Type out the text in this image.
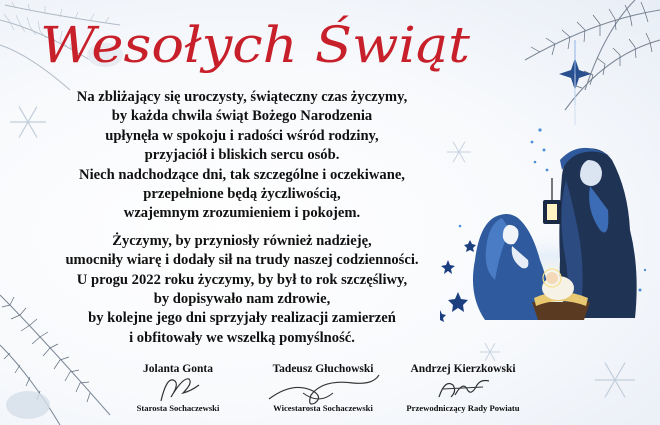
Wesołych Świąt

Na zbliżający się uroczysty, świąteczny czas życzymy,
by każda chwila świąt Bożego Narodzenia
upłynęła w spokoju i radości wśród rodziny,
przyjaciół i bliskich sercu osób.
Niech nadchodzące dni, tak szczególne i oczekiwane,
przepełnione będą życzliwością,
wzajemnym zrozumieniem i pokojem.

Życzymy, by przyniosły również nadzieję,
umocniły wiarę i dodały sił na trudy naszej codzienności.
U progu 2022 roku życzymy, by był to rok szczęśliwy,
by dopisywało nam zdrowie,
by kolejne jego dni sprzyjały realizacji zamierzeń
i obfitowały we wszelką pomyślność.

Jolanta Gonta
Starosta Sochaczewski
Tadeusz Głuchowski
Wicestarosta Sochaczewski
Andrzej Kierzkowski
Przewodniczący Rady Powiatu
